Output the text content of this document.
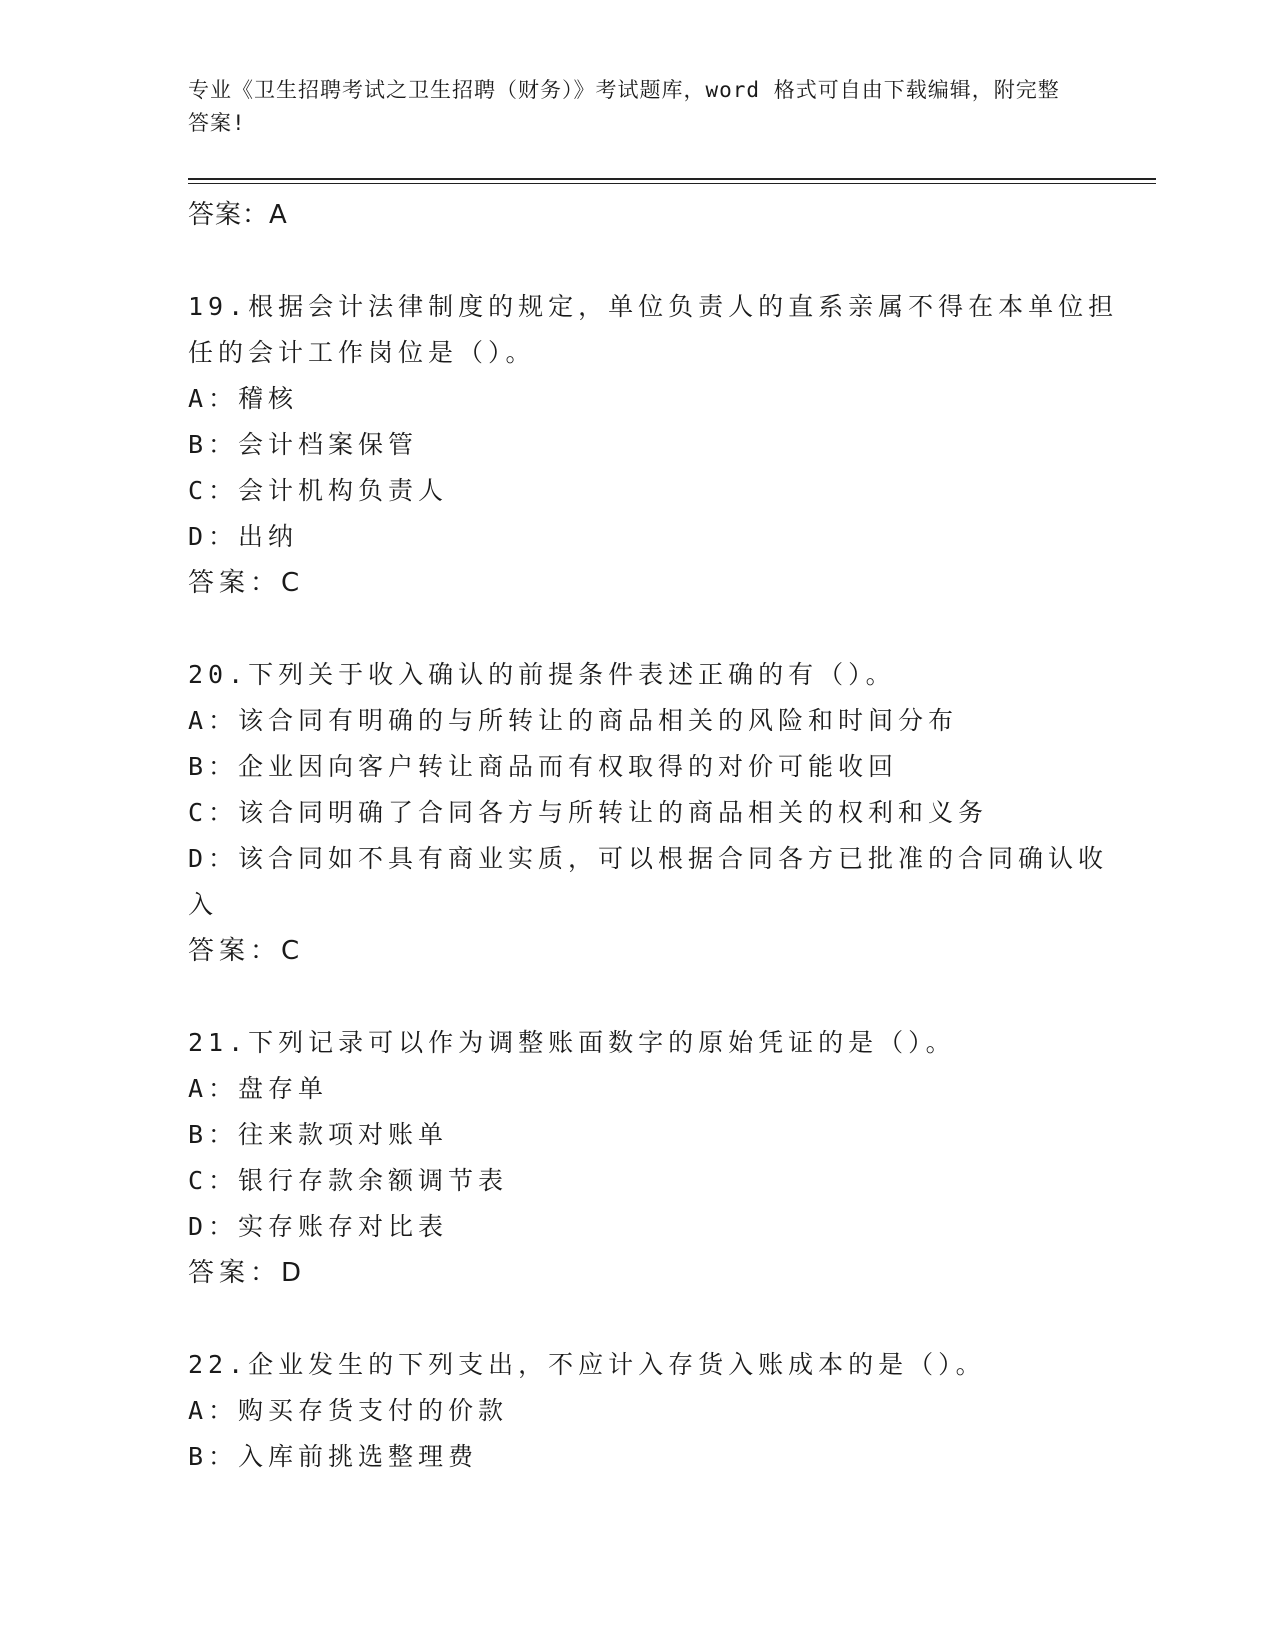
专业《卫生招聘考试之卫生招聘（财务）》考试题库，word 格式可自由下载编辑，附完整答案!
答案：A
19.根据会计法律制度的规定，单位负责人的直系亲属不得在本单位担
任的会计工作岗位是（）。
A：稽核
B：会计档案保管
C：会计机构负责人
D：出纳
答案：C
20.下列关于收入确认的前提条件表述正确的有（）。
A：该合同有明确的与所转让的商品相关的风险和时间分布
B：企业因向客户转让商品而有权取得的对价可能收回
C：该合同明确了合同各方与所转让的商品相关的权利和义务
D：该合同如不具有商业实质，可以根据合同各方已批准的合同确认收
入
答案：C
21.下列记录可以作为调整账面数字的原始凭证的是（）。
A：盘存单
B：往来款项对账单
C：银行存款余额调节表
D：实存账存对比表
答案：D
22.企业发生的下列支出，不应计入存货入账成本的是（）。
A：购买存货支付的价款
B：入库前挑选整理费
